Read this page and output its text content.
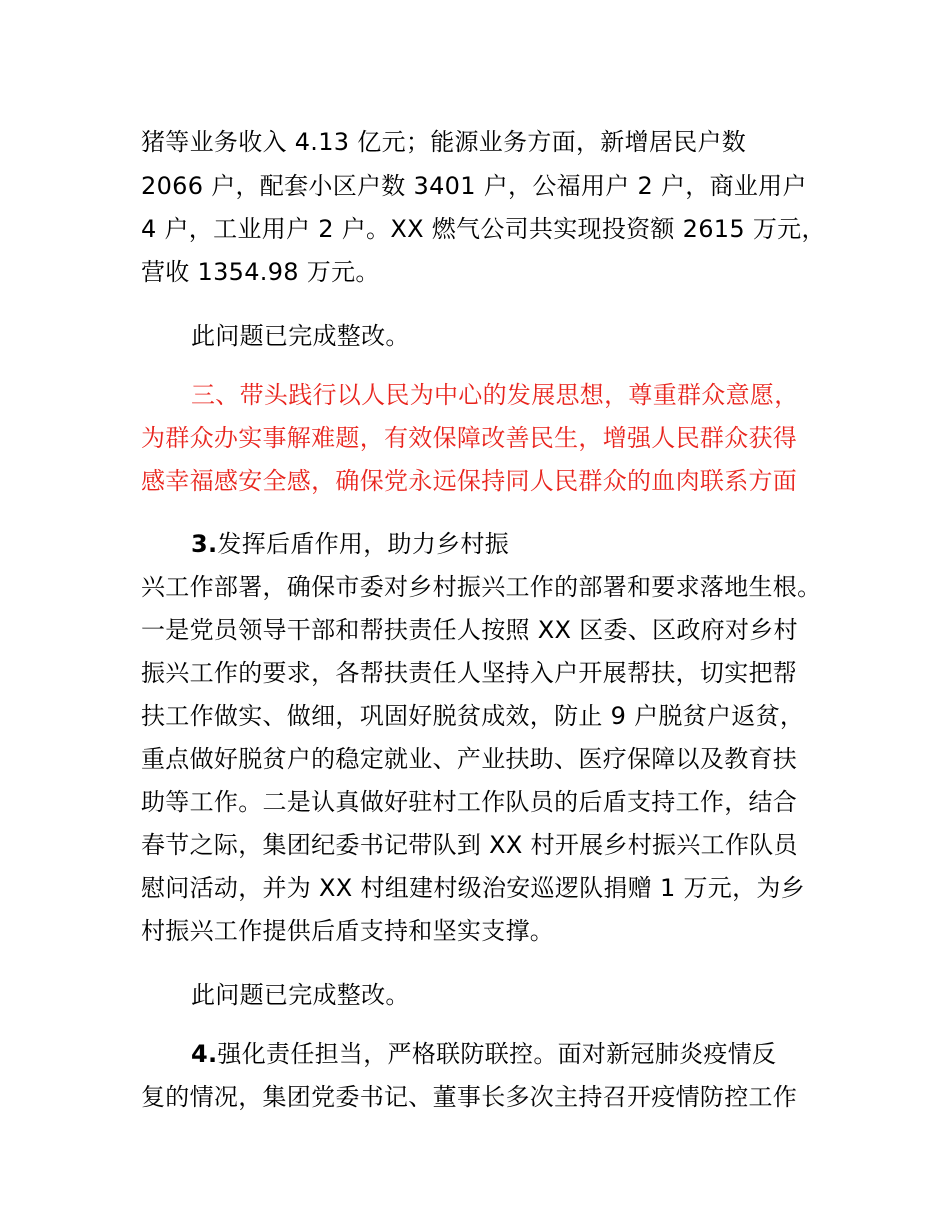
猪等业务收入 4.13 亿元；能源业务方面，新增居民户数
2066 户，配套小区户数 3401 户，公福用户 2 户，商业用户
4 户，工业用户 2 户。XX 燃气公司共实现投资额 2615 万元，
营收 1354.98 万元。
此问题已完成整改。
三、带头践行以人民为中心的发展思想，尊重群众意愿，
为群众办实事解难题，有效保障改善民生，增强人民群众获得
感幸福感安全感，确保党永远保持同人民群众的血肉联系方面
3.发挥后盾作用，助力乡村振
兴工作部署，确保市委对乡村振兴工作的部署和要求落地生根。
一是党员领导干部和帮扶责任人按照 XX 区委、区政府对乡村
振兴工作的要求，各帮扶责任人坚持入户开展帮扶，切实把帮
扶工作做实、做细，巩固好脱贫成效，防止 9 户脱贫户返贫，
重点做好脱贫户的稳定就业、产业扶助、医疗保障以及教育扶
助等工作。二是认真做好驻村工作队员的后盾支持工作，结合
春节之际，集团纪委书记带队到 XX 村开展乡村振兴工作队员
慰问活动，并为 XX 村组建村级治安巡逻队捐赠 1 万元，为乡
村振兴工作提供后盾支持和坚实支撑。
此问题已完成整改。
4.强化责任担当，严格联防联控。面对新冠肺炎疫情反
复的情况，集团党委书记、董事长多次主持召开疫情防控工作
